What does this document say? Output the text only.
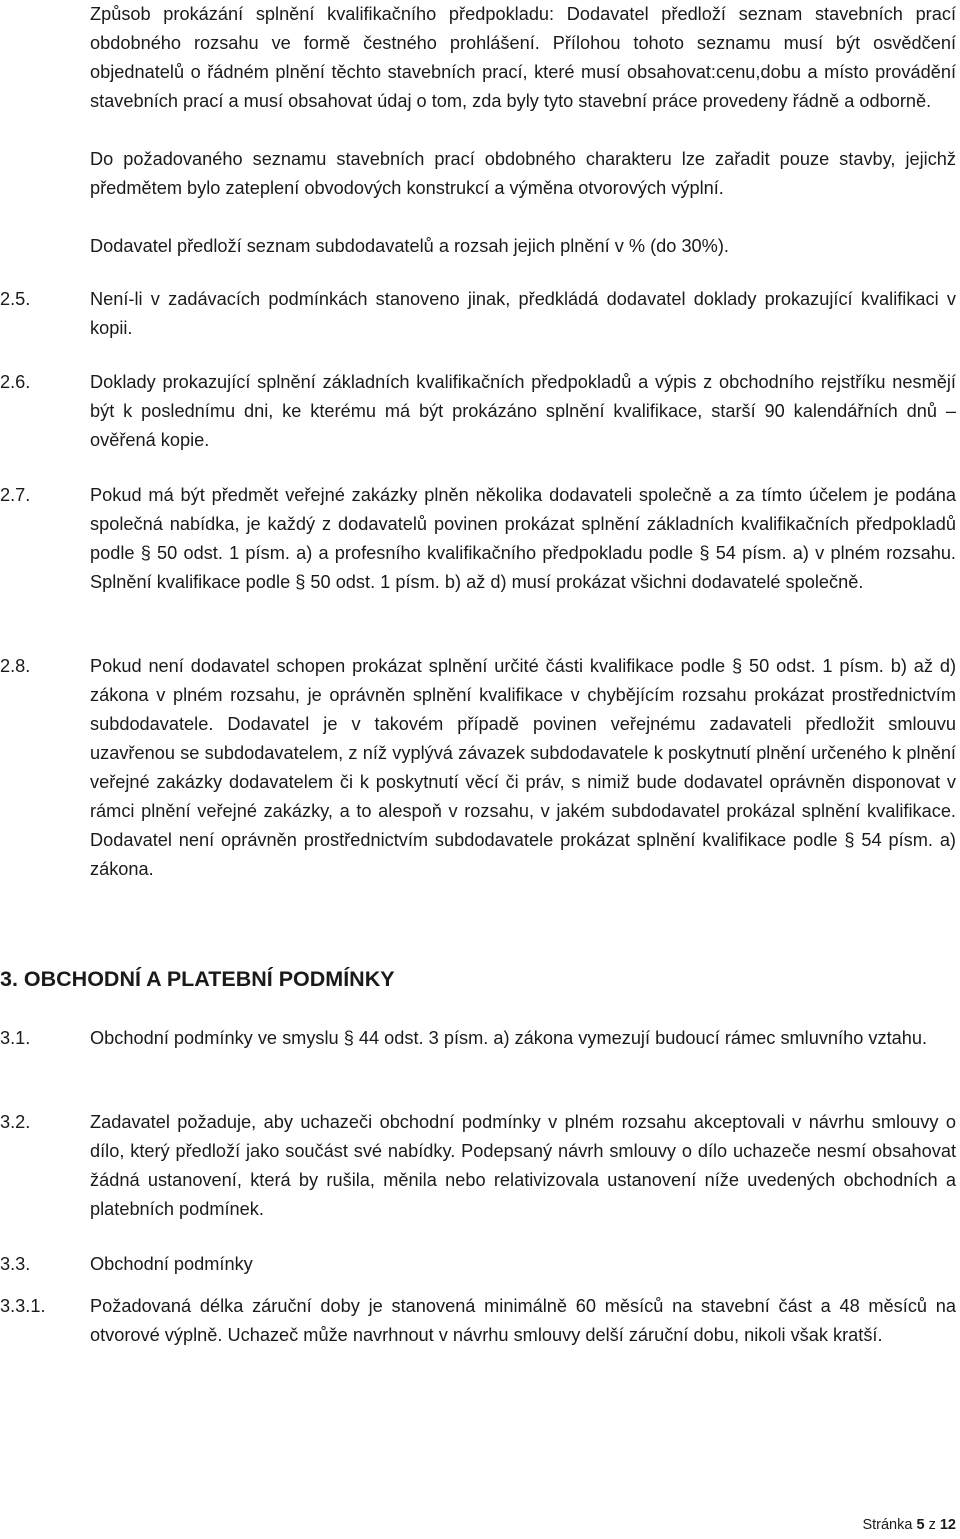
Způsob prokázání splnění kvalifikačního předpokladu: Dodavatel předloží seznam stavebních prací obdobného rozsahu ve formě čestného prohlášení. Přílohou tohoto seznamu musí být osvědčení objednatelů o řádném plnění těchto stavebních prací, které musí obsahovat:cenu,dobu a místo provádění stavebních prací a musí obsahovat údaj o tom, zda byly tyto stavební práce provedeny řádně a odborně.

Do požadovaného seznamu stavebních prací obdobného charakteru lze zařadit pouze stavby, jejichž předmětem bylo zateplení obvodových konstrukcí a výměna otvorových výplní.

Dodavatel předloží seznam subdodavatelů a rozsah jejich plnění v % (do 30%).

2.5.	Není-li v zadávacích podmínkách stanoveno jinak, předkládá dodavatel doklady prokazující kvalifikaci v kopii.

2.6.	Doklady prokazující splnění základních kvalifikačních předpokladů a výpis z obchodního rejstříku nesmějí být k poslednímu dni, ke kterému má být prokázáno splnění kvalifikace, starší 90 kalendářních dnů – ověřená kopie.

2.7.	Pokud má být předmět veřejné zakázky plněn několika dodavateli společně a za tímto účelem je podána společná nabídka, je každý z dodavatelů povinen prokázat splnění základních kvalifikačních předpokladů podle § 50 odst. 1 písm. a) a profesního kvalifikačního předpokladu podle § 54 písm. a) v plném rozsahu. Splnění kvalifikace podle § 50 odst. 1 písm. b) až d) musí prokázat všichni dodavatelé společně.

2.8.	Pokud není dodavatel schopen prokázat splnění určité části kvalifikace podle § 50 odst. 1 písm. b) až d) zákona v plném rozsahu, je oprávněn splnění kvalifikace v chybějícím rozsahu prokázat prostřednictvím subdodavatele. Dodavatel je v takovém případě povinen veřejnému zadavateli předložit smlouvu uzavřenou se subdodavatelem, z níž vyplývá závazek subdodavatele k poskytnutí plnění určeného k plnění veřejné zakázky dodavatelem či k poskytnutí věcí či práv, s nimiž bude dodavatel oprávněn disponovat v rámci plnění veřejné zakázky, a to alespoň v rozsahu, v jakém subdodavatel prokázal splnění kvalifikace. Dodavatel není oprávněn prostřednictvím subdodavatele prokázat splnění kvalifikace podle § 54 písm. a) zákona.

3. OBCHODNÍ A PLATEBNÍ PODMÍNKY
3.1.	Obchodní podmínky ve smyslu § 44 odst. 3 písm. a) zákona vymezují budoucí rámec smluvního vztahu.

3.2.	Zadavatel požaduje, aby uchazeči obchodní podmínky v plném rozsahu akceptovali v návrhu smlouvy o dílo, který předloží jako součást své nabídky. Podepsaný návrh smlouvy o dílo uchazeče nesmí obsahovat žádná ustanovení, která by rušila, měnila nebo relativizovala ustanovení níže uvedených obchodních a platebních podmínek.

3.3.	Obchodní podmínky

3.3.1. Požadovaná délka záruční doby je stanovená minimálně 60 měsíců na stavební část a 48 měsíců na otvorové výplně. Uchazeč může navrhnout v návrhu smlouvy delší záruční dobu, nikoli však kratší.

Stránka 5 z 12
